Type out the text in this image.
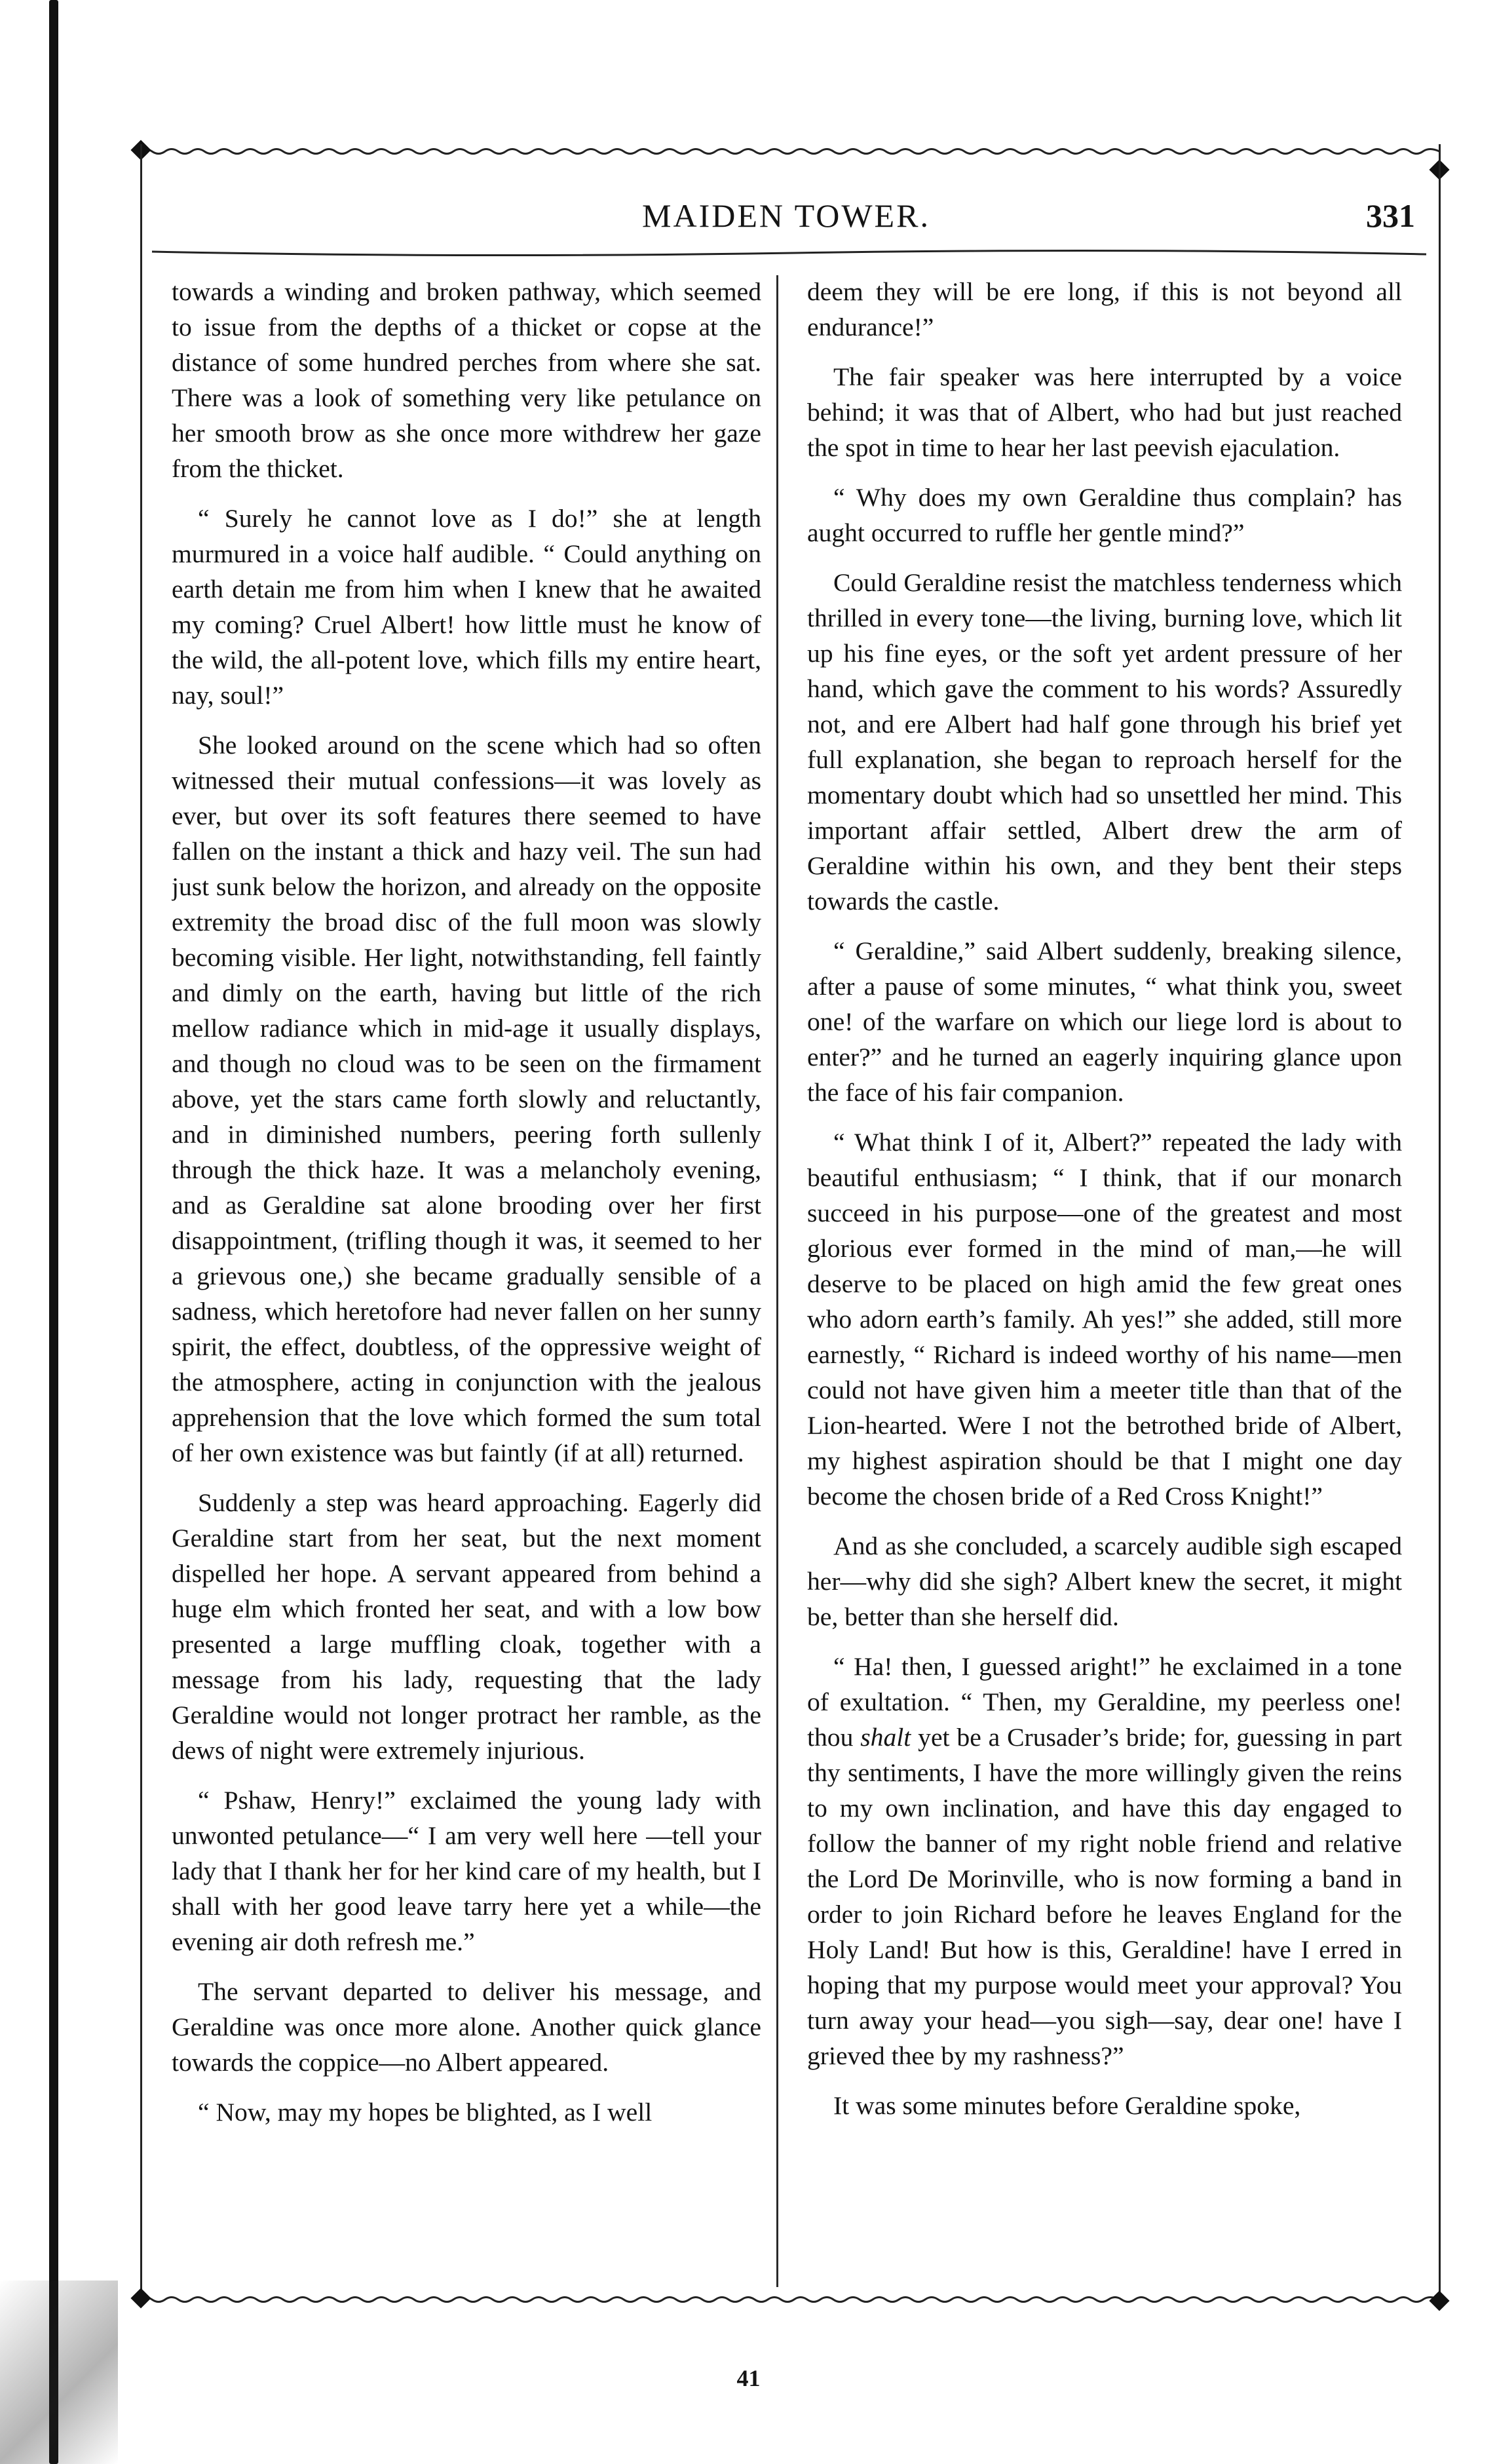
MAIDEN TOWER.	331

towards a winding and broken pathway, which seemed to issue from the depths of a thicket or copse at the distance of some hundred perches from where she sat. There was a look of something very like petulance on her smooth brow as she once more withdrew her gaze from the thicket.

“ Surely he cannot love as I do!” she at length murmured in a voice half audible. “ Could anything on earth detain me from him when I knew that he awaited my coming? Cruel Albert! how little must he know of the wild, the all-potent love, which fills my entire heart, nay, soul!”

She looked around on the scene which had so often witnessed their mutual confessions—it was lovely as ever, but over its soft features there seemed to have fallen on the instant a thick and hazy veil. The sun had just sunk below the horizon, and already on the opposite extremity the broad disc of the full moon was slowly becoming visible. Her light, notwithstanding, fell faintly and dimly on the earth, having but little of the rich mellow radiance which in mid-age it usually displays, and though no cloud was to be seen on the firmament above, yet the stars came forth slowly and reluctantly, and in diminished numbers, peering forth sullenly through the thick haze. It was a melancholy evening, and as Geraldine sat alone brooding over her first disappointment, (trifling though it was, it seemed to her a grievous one,) she became gradually sensible of a sadness, which heretofore had never fallen on her sunny spirit, the effect, doubtless, of the oppressive weight of the atmosphere, acting in conjunction with the jealous apprehension that the love which formed the sum total of her own existence was but faintly (if at all) returned.

Suddenly a step was heard approaching. Eagerly did Geraldine start from her seat, but the next moment dispelled her hope. A servant appeared from behind a huge elm which fronted her seat, and with a low bow presented a large muffling cloak, together with a message from his lady, requesting that the lady Geraldine would not longer protract her ramble, as the dews of night were extremely injurious.

“ Pshaw, Henry!” exclaimed the young lady with unwonted petulance—“ I am very well here —tell your lady that I thank her for her kind care of my health, but I shall with her good leave tarry here yet a while—the evening air doth refresh me.”

The servant departed to deliver his message, and Geraldine was once more alone. Another quick glance towards the coppice—no Albert appeared.

“ Now, may my hopes be blighted, as I well

deem they will be ere long, if this is not beyond all endurance!”

The fair speaker was here interrupted by a voice behind; it was that of Albert, who had but just reached the spot in time to hear her last peevish ejaculation.

“ Why does my own Geraldine thus complain? has aught occurred to ruffle her gentle mind?”

Could Geraldine resist the matchless tenderness which thrilled in every tone—the living, burning love, which lit up his fine eyes, or the soft yet ardent pressure of her hand, which gave the comment to his words? Assuredly not, and ere Albert had half gone through his brief yet full explanation, she began to reproach herself for the momentary doubt which had so unsettled her mind. This important affair settled, Albert drew the arm of Geraldine within his own, and they bent their steps towards the castle.

“ Geraldine,” said Albert suddenly, breaking silence, after a pause of some minutes, “ what think you, sweet one! of the warfare on which our liege lord is about to enter?” and he turned an eagerly inquiring glance upon the face of his fair companion.

“ What think I of it, Albert?” repeated the lady with beautiful enthusiasm; “ I think, that if our monarch succeed in his purpose—one of the greatest and most glorious ever formed in the mind of man,—he will deserve to be placed on high amid the few great ones who adorn earth’s family. Ah yes!” she added, still more earnestly, “ Richard is indeed worthy of his name—men could not have given him a meeter title than that of the Lion-hearted. Were I not the betrothed bride of Albert, my highest aspiration should be that I might one day become the chosen bride of a Red Cross Knight!”

And as she concluded, a scarcely audible sigh escaped her—why did she sigh? Albert knew the secret, it might be, better than she herself did.

“ Ha! then, I guessed aright!” he exclaimed in a tone of exultation. “ Then, my Geraldine, my peerless one! thou shalt yet be a Crusader’s bride; for, guessing in part thy sentiments, I have the more willingly given the reins to my own inclination, and have this day engaged to follow the banner of my right noble friend and relative the Lord De Morinville, who is now forming a band in order to join Richard before he leaves England for the Holy Land! But how is this, Geraldine! have I erred in hoping that my purpose would meet your approval? You turn away your head—you sigh—say, dear one! have I grieved thee by my rashness?”

It was some minutes before Geraldine spoke,

41
